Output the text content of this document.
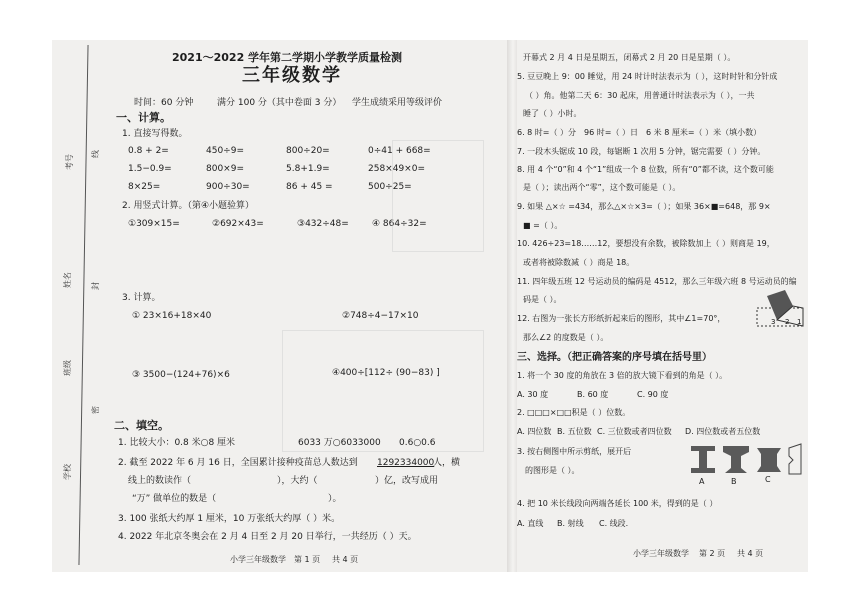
考号 线
姓名 封
班级
密
学校
2021～2022 学年第二学期小学教学质量检测
三年级数学
时间：60 分钟	满分 100 分（其中卷面 3 分） 学生成绩采用等级评价
一、计算。
1. 直接写得数。
0.8 + 2=	450÷9=	800÷20=	0÷41 + 668=
1.5−0.9=	800×9=	5.8+1.9=	258×49×0=
8×25=	900÷30=	86 + 45 =	500÷25=
2. 用竖式计算。（第④小题验算）
①309×15=	②692×43=	③432÷48=	④ 864÷32=
3. 计算。
① 23×16+18×40	②748÷4−17×10
③ 3500−(124+76)×6	④400÷[112÷ (90−83) ]
二、填空。
1. 比较大小：0.8 米○8 厘米	6033 万○6033000 0.6○0.6
2. 截至 2022 年 6 月 16 日，全国累计接种疫苗总人数达到 1292334000
人，横
线上的数读作（	），大约（	）亿，改写成用
“万” 做单位的数是（	）。
3. 100 张纸大约厚 1 厘米，10 万张纸大约厚（ ）米。
4. 2022 年北京冬奥会在 2 月 4 日至 2 月 20 日举行，一共经历（ ）天。
小学三年级数学 第 1 页 共 4 页
开幕式 2 月 4 日是星期五，闭幕式 2 月 20 日是星期（ ）。
5. 豆豆晚上 9：00 睡觉，用 24 时计时法表示为（ ），这时时针和分针成
（ ）角。他第二天 6：30 起床，用普通计时法表示为（ ），一共
睡了（ ）小时。
6. 8 时=（ ）分　96 时=（ ）日　6 米 8 厘米=（ ）米（填小数）
7. 一段木头锯成 10 段，每锯断 1 次用 5 分钟，锯完需要（ ）分钟。
8. 用 4 个“0”和 4 个“1”组成一个 8 位数，所有“0”都不读，这个数可能
是（ ）；读出两个“零”，这个数可能是（ ）。
9. 如果 △×☆ =434，那么△×☆×3=（ ）；如果 36×■=648，那 9×
■ =（ ）。
10. 426÷23=18……12，要想没有余数，被除数加上（ ）则商是 19，
或者将被除数减（ ）商是 18。
11. 四年级五班 12 号运动员的编码是 4512，那么三年级六班 8 号运动员的编
码是（ ）。
12. 右图为一张长方形纸折起来后的图形，其中∠1=70°，
那么∠2 的度数是（ ）。
3 2 1
三、选择。（把正确答案的序号填在括号里）
1. 将一个 30 度的角放在 3 倍的放大镜下看到的角是（ ）。
A. 30 度	B. 60 度	C. 90 度
2. □□□×□□积是（ ）位数。
A. 四位数 B. 五位数 C. 三位数或者四位数 D. 四位数或者五位数
3. 按右侧图中所示剪纸，展开后
的图形是（ ）。
A	B	C
4. 把 10 米长线段向两端各延长 100 米，得到的是（ ）
A. 直线 B. 射线 C. 线段.
小学三年级数学 第 2 页 共 4 页
